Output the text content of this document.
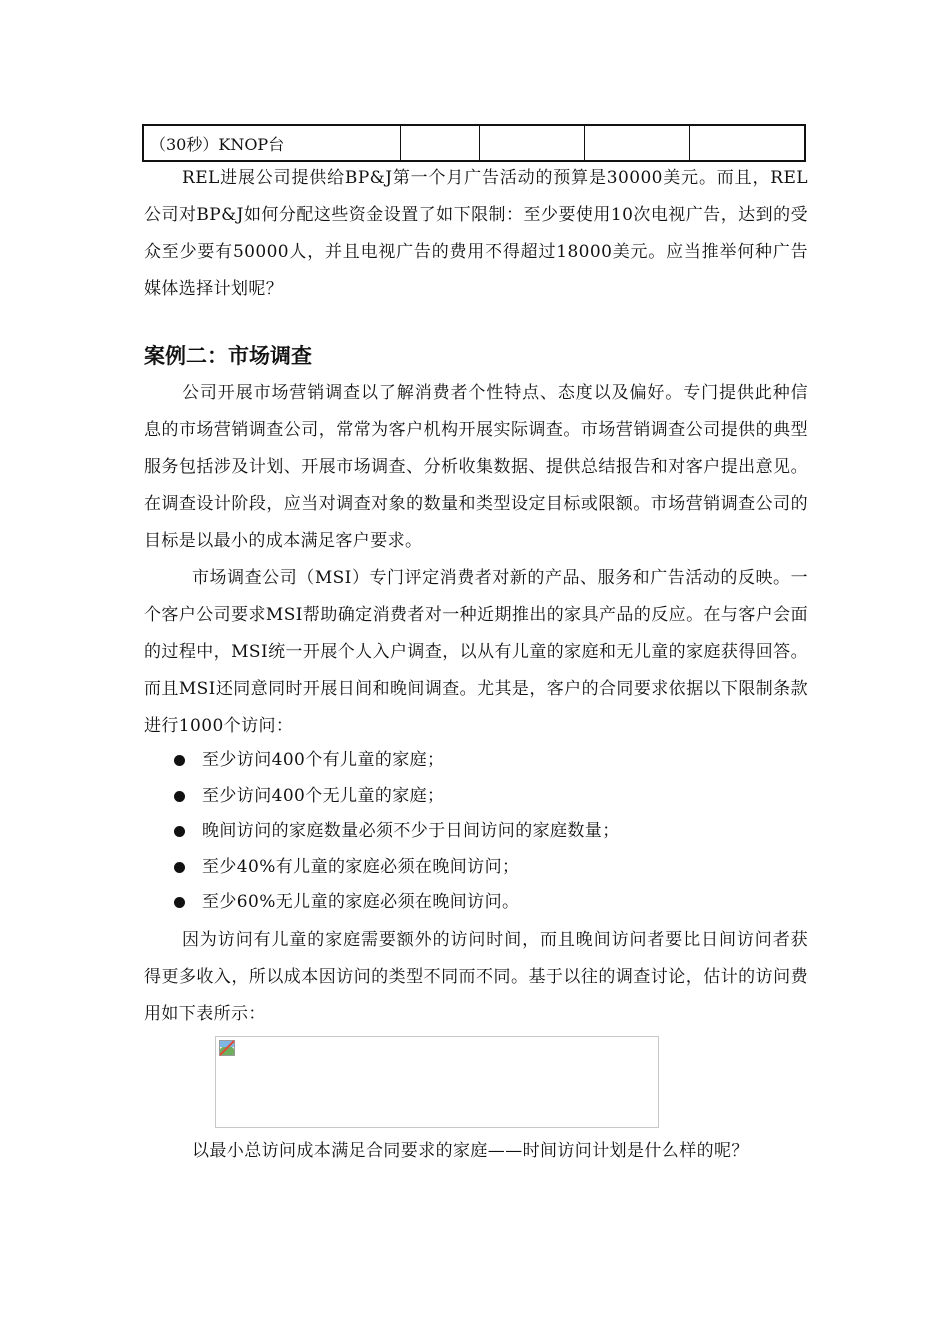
（30秒）KNOP台				

REL进展公司提供给BP&J第一个月广告活动的预算是30000美元。而且，REL公司对BP&J如何分配这些资金设置了如下限制：至少要使用10次电视广告，达到的受众至少要有50000人，并且电视广告的费用不得超过18000美元。应当推举何种广告媒体选择计划呢？

案例二：市场调查

公司开展市场营销调查以了解消费者个性特点、态度以及偏好。专门提供此种信息的市场营销调查公司，常常为客户机构开展实际调查。市场营销调查公司提供的典型服务包括涉及计划、开展市场调查、分析收集数据、提供总结报告和对客户提出意见。在调查设计阶段，应当对调查对象的数量和类型设定目标或限额。市场营销调查公司的目标是以最小的成本满足客户要求。

市场调查公司（MSI）专门评定消费者对新的产品、服务和广告活动的反映。一个客户公司要求MSI帮助确定消费者对一种近期推出的家具产品的反应。在与客户会面的过程中，MSI统一开展个人入户调查，以从有儿童的家庭和无儿童的家庭获得回答。而且MSI还同意同时开展日间和晚间调查。尤其是，客户的合同要求依据以下限制条款进行1000个访问：

至少访问400个有儿童的家庭；
至少访问400个无儿童的家庭；
晚间访问的家庭数量必须不少于日间访问的家庭数量；
至少40%有儿童的家庭必须在晚间访问；
至少60%无儿童的家庭必须在晚间访问。

因为访问有儿童的家庭需要额外的访问时间，而且晚间访问者要比日间访问者获得更多收入，所以成本因访问的类型不同而不同。基于以往的调查讨论，估计的访问费用如下表所示：

以最小总访问成本满足合同要求的家庭——时间访问计划是什么样的呢？
